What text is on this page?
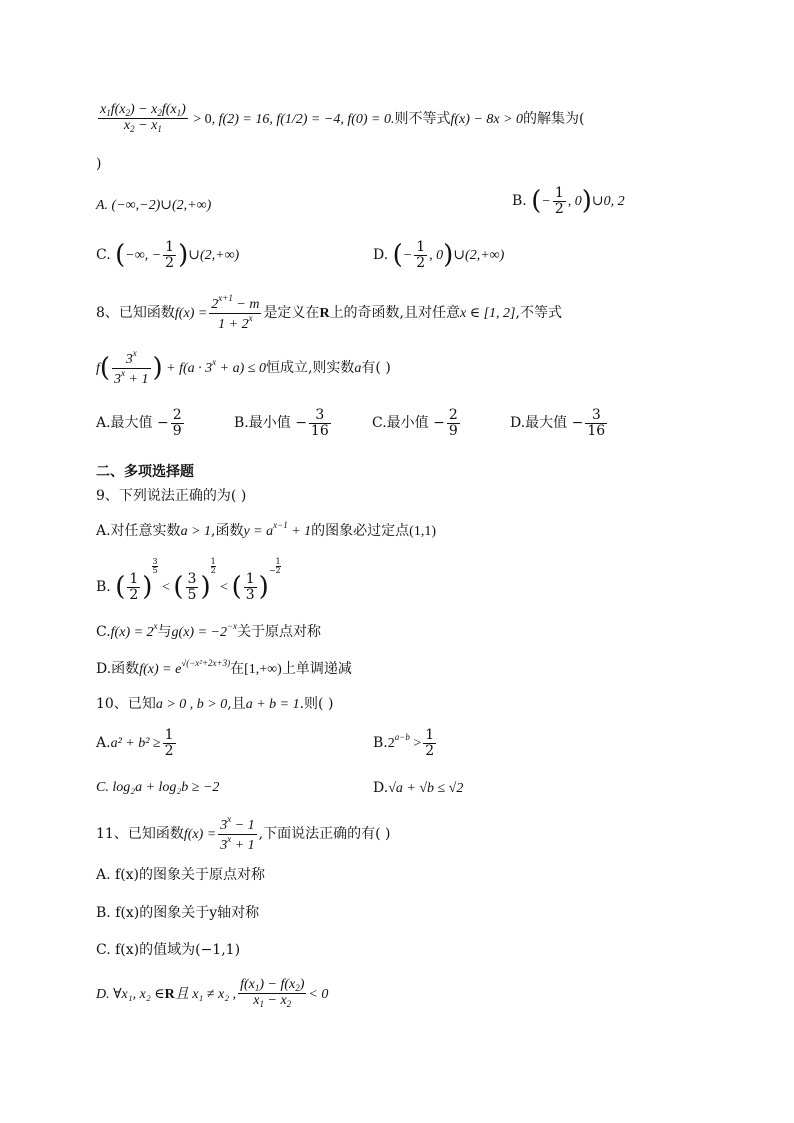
$\frac{x_1f(x_2) - x_2f(x_1)}{x_2 - x_1} > 0$, f(2) = 16, f(1/2) = −4, f(0) = 0.则不等式f(x) − 8x > 0的解集为(
)
A. (−∞,−2)∪(2,+∞)	B. (− $\frac{1}{2}$ , 0)∪0, 2
C. (−∞, − $\frac{1}{2}$ )∪(2,+∞)	D. (− $\frac{1}{2}$ , 0)∪(2,+∞)
8、已知函数$f(x) = \frac{2^{x+1} - m}{1 + 2^x}$ 是定义在R上的奇函数,且对任意x ∈ [1, 2],不等式
$f( \frac{3^x}{3^x + 1}$ ) + $f(a \cdot 3^x + a) \le 0$恒成立,则实数a有( )
A.最大值 − $\frac{2}{9}$	B.最小值 − $\frac{3}{16}$	C.最小值 − $\frac{2}{9}$	D.最大值 − $\frac{3}{16}$
二、多项选择题
9、下列说法正确的为( )
A.对任意实数a > 1,函数$y = a^{x-1} + 1$的图象必过定点(1,1)
B. ( $\frac{1}{2}$ )
$\frac{3}{5}$
< ( $\frac{3}{5}$ )
$\frac{1}{2}$
< ( $\frac{1}{3}$ )− $\frac{1}{2}$
$C.f(x) = 2^x$与$g(x) = -2^{-x}$关于原点对称
D.函数$f(x) = e^{√(-x^2+2x+3)}$在[1,+∞)上单调递减
10、已知a > 0 , b > 0,且a + b = 1.则( )
$A.a^2 + b^2 \ge \frac{1}{2}$	$B.2^{a-b} > \frac{1}{2}$
C. log₂a + log₂b ≥ −2	D.√a + √b ≤ √2
11、已知函数$f(x) = \frac{3^x - 1}{3^x + 1}$ ,下面说法正确的有( )
A. f(x)的图象关于原点对称
B. f(x)的图象关于y轴对称
C. f(x)的值域为(−1,1)
D. ∀x₁, x₂ ∈R且 x₁ ≠ x₂ , $\frac{f(x_1) - f(x_2)}{x_1 - x_2} < 0$
